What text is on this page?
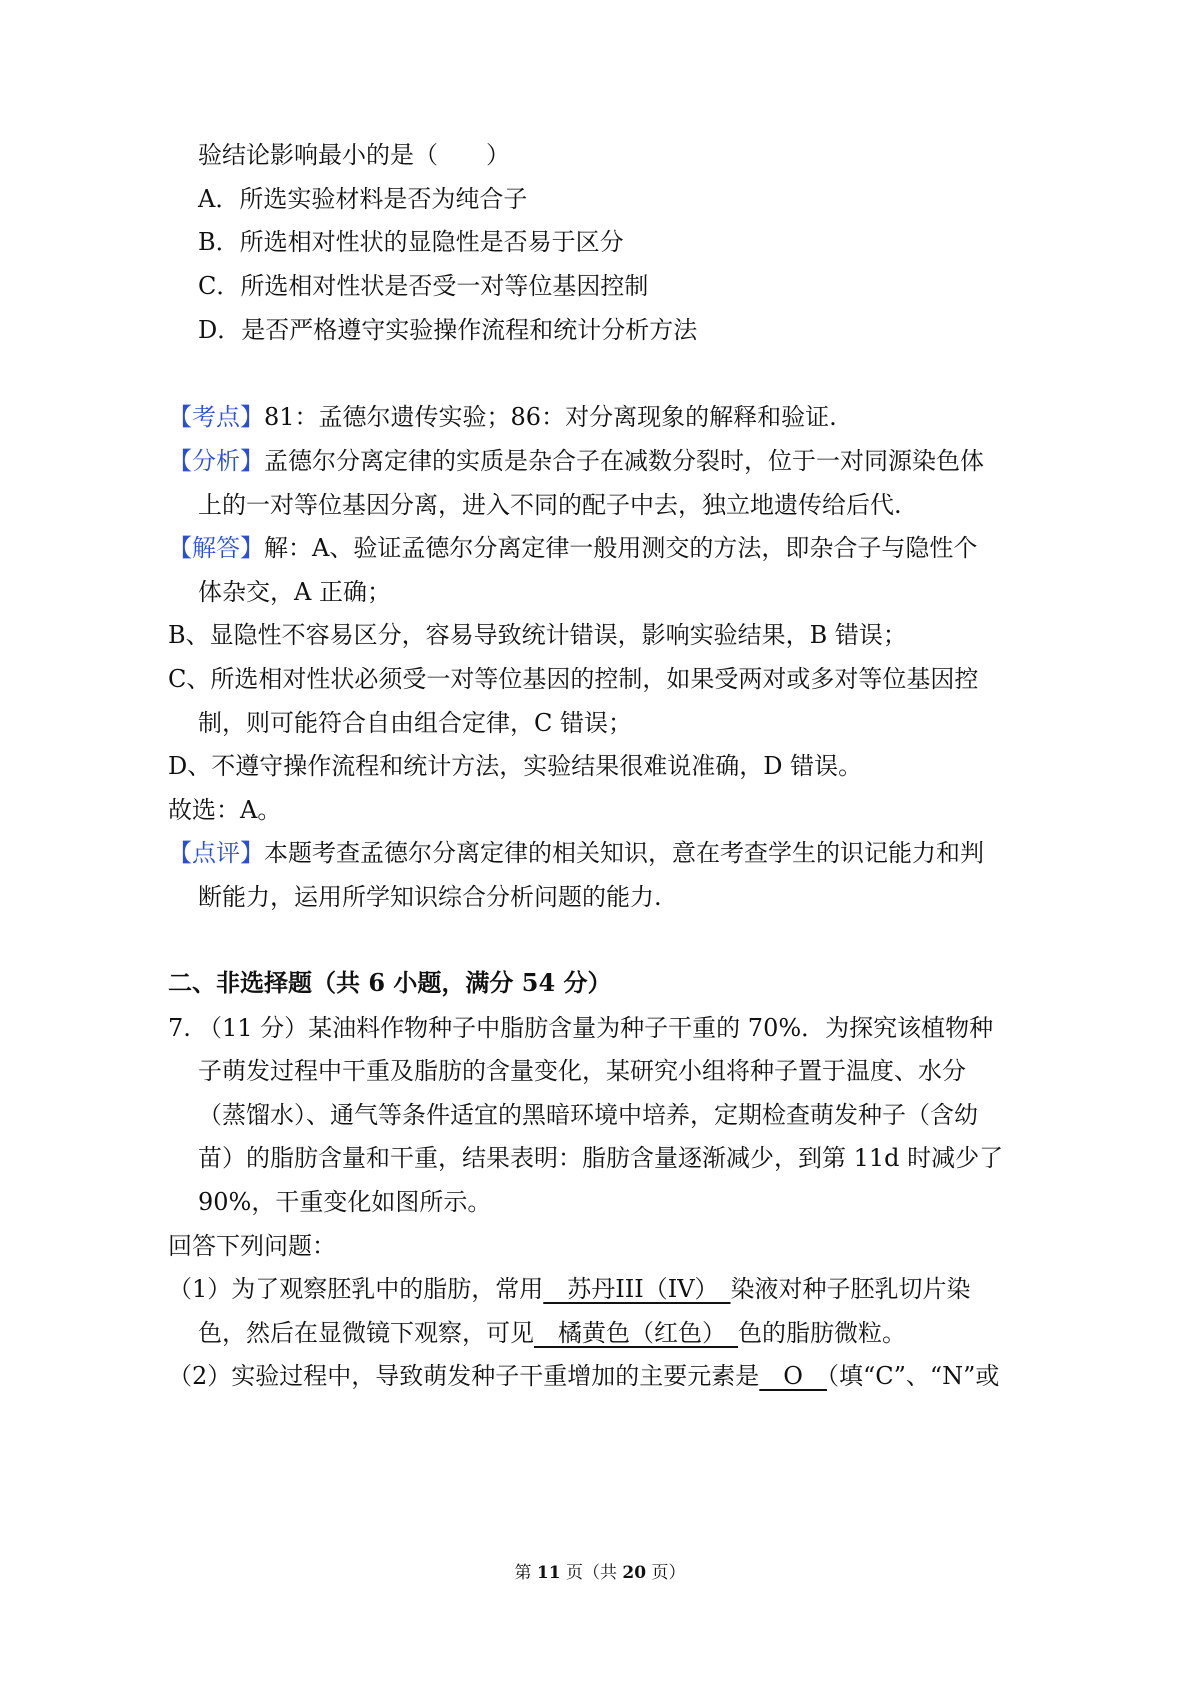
验结论影响最小的是（　　）
A．所选实验材料是否为纯合子
B．所选相对性状的显隐性是否易于区分
C．所选相对性状是否受一对等位基因控制
D．是否严格遵守实验操作流程和统计分析方法
【考点】81：孟德尔遗传实验；86：对分离现象的解释和验证.
【分析】孟德尔分离定律的实质是杂合子在减数分裂时，位于一对同源染色体
上的一对等位基因分离，进入不同的配子中去，独立地遗传给后代.
【解答】解：A、验证孟德尔分离定律一般用测交的方法，即杂合子与隐性个
体杂交，A 正确；
B、显隐性不容易区分，容易导致统计错误，影响实验结果，B 错误；
C、所选相对性状必须受一对等位基因的控制，如果受两对或多对等位基因控
制，则可能符合自由组合定律，C 错误；
D、不遵守操作流程和统计方法，实验结果很难说准确，D 错误。
故选：A。
【点评】本题考查孟德尔分离定律的相关知识，意在考查学生的识记能力和判
断能力，运用所学知识综合分析问题的能力.
二、非选择题（共 6 小题，满分 54 分）
7. （11 分）某油料作物种子中脂肪含量为种子干重的 70%．为探究该植物种
子萌发过程中干重及脂肪的含量变化，某研究小组将种子置于温度、水分
（蒸馏水）、通气等条件适宜的黑暗环境中培养，定期检查萌发种子（含幼
苗）的脂肪含量和干重，结果表明：脂肪含量逐渐减少，到第 11d 时减少了
90%，干重变化如图所示。
回答下列问题：
（1）为了观察胚乳中的脂肪，常用　苏丹III（IV）　染液对种子胚乳切片染
色，然后在显微镜下观察，可见　橘黄色（红色）　色的脂肪微粒。
（2）实验过程中，导致萌发种子干重增加的主要元素是　O　（填“C”、“N”或
第 11 页（共 20 页）
